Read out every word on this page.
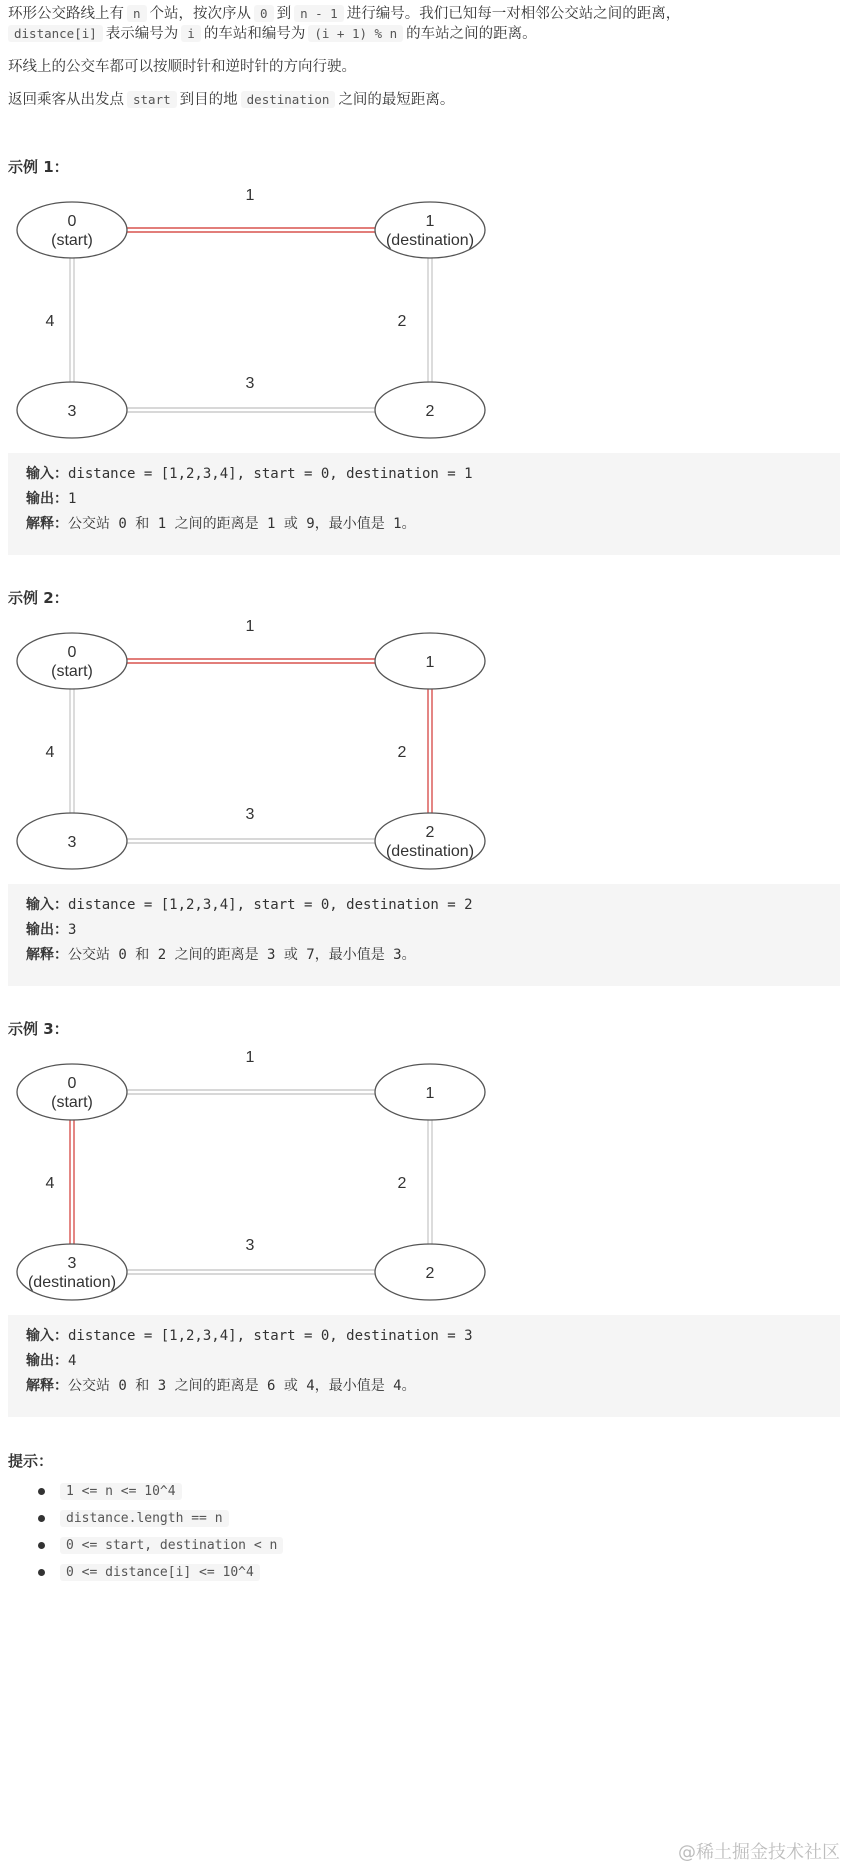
环形公交路线上有 n 个站，按次序从 0 到 n - 1 进行编号。我们已知每一对相邻公交站之间的距离，
distance[i] 表示编号为 i 的车站和编号为 (i + 1) % n 的车站之间的距离。
环线上的公交车都可以按顺时针和逆时针的方向行驶。
返回乘客从出发点 start 到目的地 destination 之间的最短距离。
示例 1：
1
2
3
4
0
(start)
1
(destination)
2
3
输入：distance = [1,2,3,4], start = 0, destination = 1
输出：1
解释：公交站 0 和 1 之间的距离是 1 或 9，最小值是 1。
示例 2：
1
2
3
4
0
(start)
1
2
(destination)
3
输入：distance = [1,2,3,4], start = 0, destination = 2
输出：3
解释：公交站 0 和 2 之间的距离是 3 或 7，最小值是 3。
示例 3：
1
2
3
4
0
(start)
1
2
3
(destination)
输入：distance = [1,2,3,4], start = 0, destination = 3
输出：4
解释：公交站 0 和 3 之间的距离是 6 或 4，最小值是 4。
提示：
1 <= n <= 10^4
distance.length == n
0 <= start, destination < n
0 <= distance[i] <= 10^4
@稀土掘金技术社区
